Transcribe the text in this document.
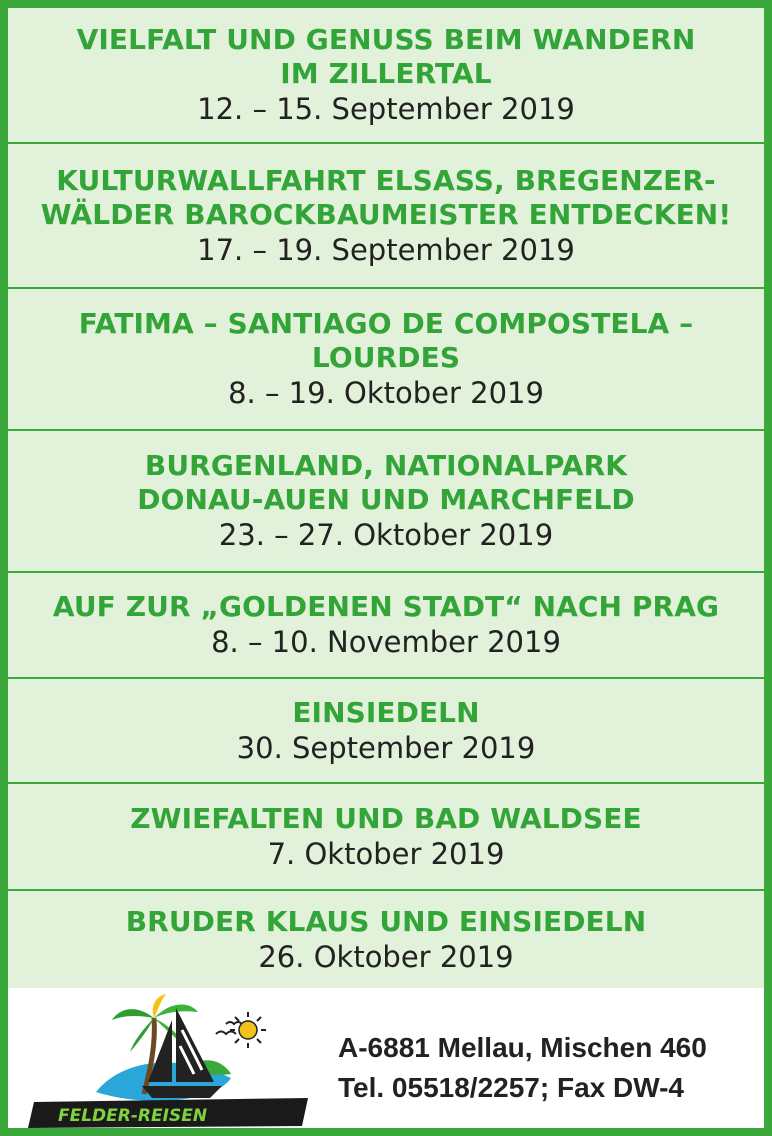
VIELFALT UND GENUSS BEIM WANDERN
IM ZILLERTAL
12. – 15. September 2019
KULTURWALLFAHRT ELSASS, BREGENZER-
WÄLDER BAROCKBAUMEISTER ENTDECKEN!
17. – 19. September 2019
FATIMA – SANTIAGO DE COMPOSTELA –
LOURDES
8. – 19. Oktober 2019
BURGENLAND, NATIONALPARK
DONAU-AUEN UND MARCHFELD
23. – 27. Oktober 2019
AUF ZUR „GOLDENEN STADT“ NACH PRAG
8. – 10. November 2019
EINSIEDELN
30. September 2019
ZWIEFALTEN UND BAD WALDSEE
7. Oktober 2019
BRUDER KLAUS UND EINSIEDELN
26. Oktober 2019
FELDER-REISEN
A-6881 Mellau, Mischen 460
Tel. 05518/2257; Fax DW-4
